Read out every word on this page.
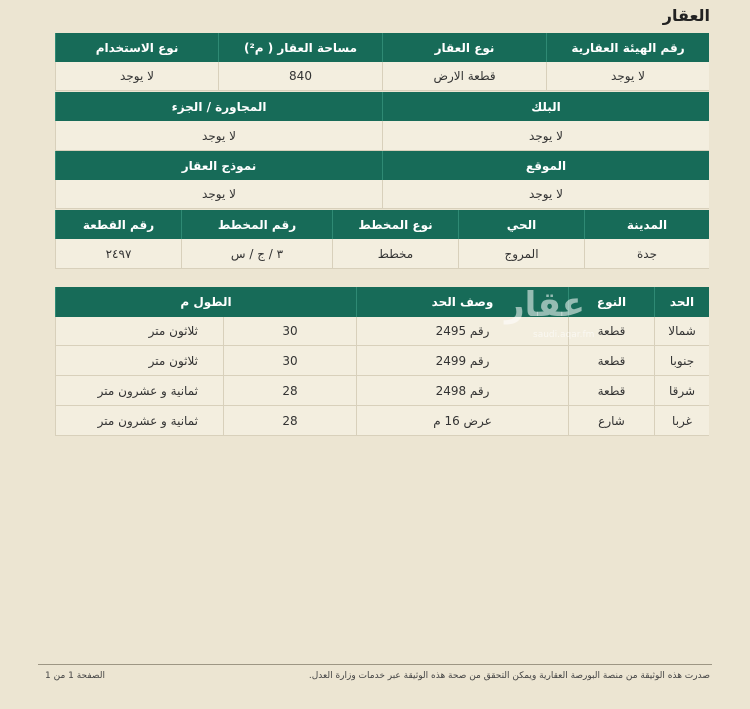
العقار
رقم الهيئة العقارية
نوع العقار
مساحة العقار ( م²)
نوع الاستخدام
لا يوجد
قطعة الارض
840
لا يوجد
البلك
المجاورة / الجزء
لا يوجد
لا يوجد
الموقع
نموذج العقار
لا يوجد
لا يوجد
المدينة
الحي
نوع المخطط
رقم المخطط
رقم القطعة
جدة
المروج
مخطط
٣ / ج / س
٢٤٩٧
الحد
النوع
وصف الحد
الطول م
شمالا
قطعة
رقم 2495
30
ثلاثون متر
جنوبا
قطعة
رقم 2499
30
ثلاثون متر
شرقا
قطعة
رقم 2498
28
ثمانية و عشرون متر
غربا
شارع
عرض 16 م
28
ثمانية و عشرون متر
عقار
saudi.aqar.fm
الصفحة 1 من 1	صدرت هذه الوثيقة من منصة البورصة العقارية ويمكن التحقق من صحة هذه الوثيقة عبر خدمات وزارة العدل.
